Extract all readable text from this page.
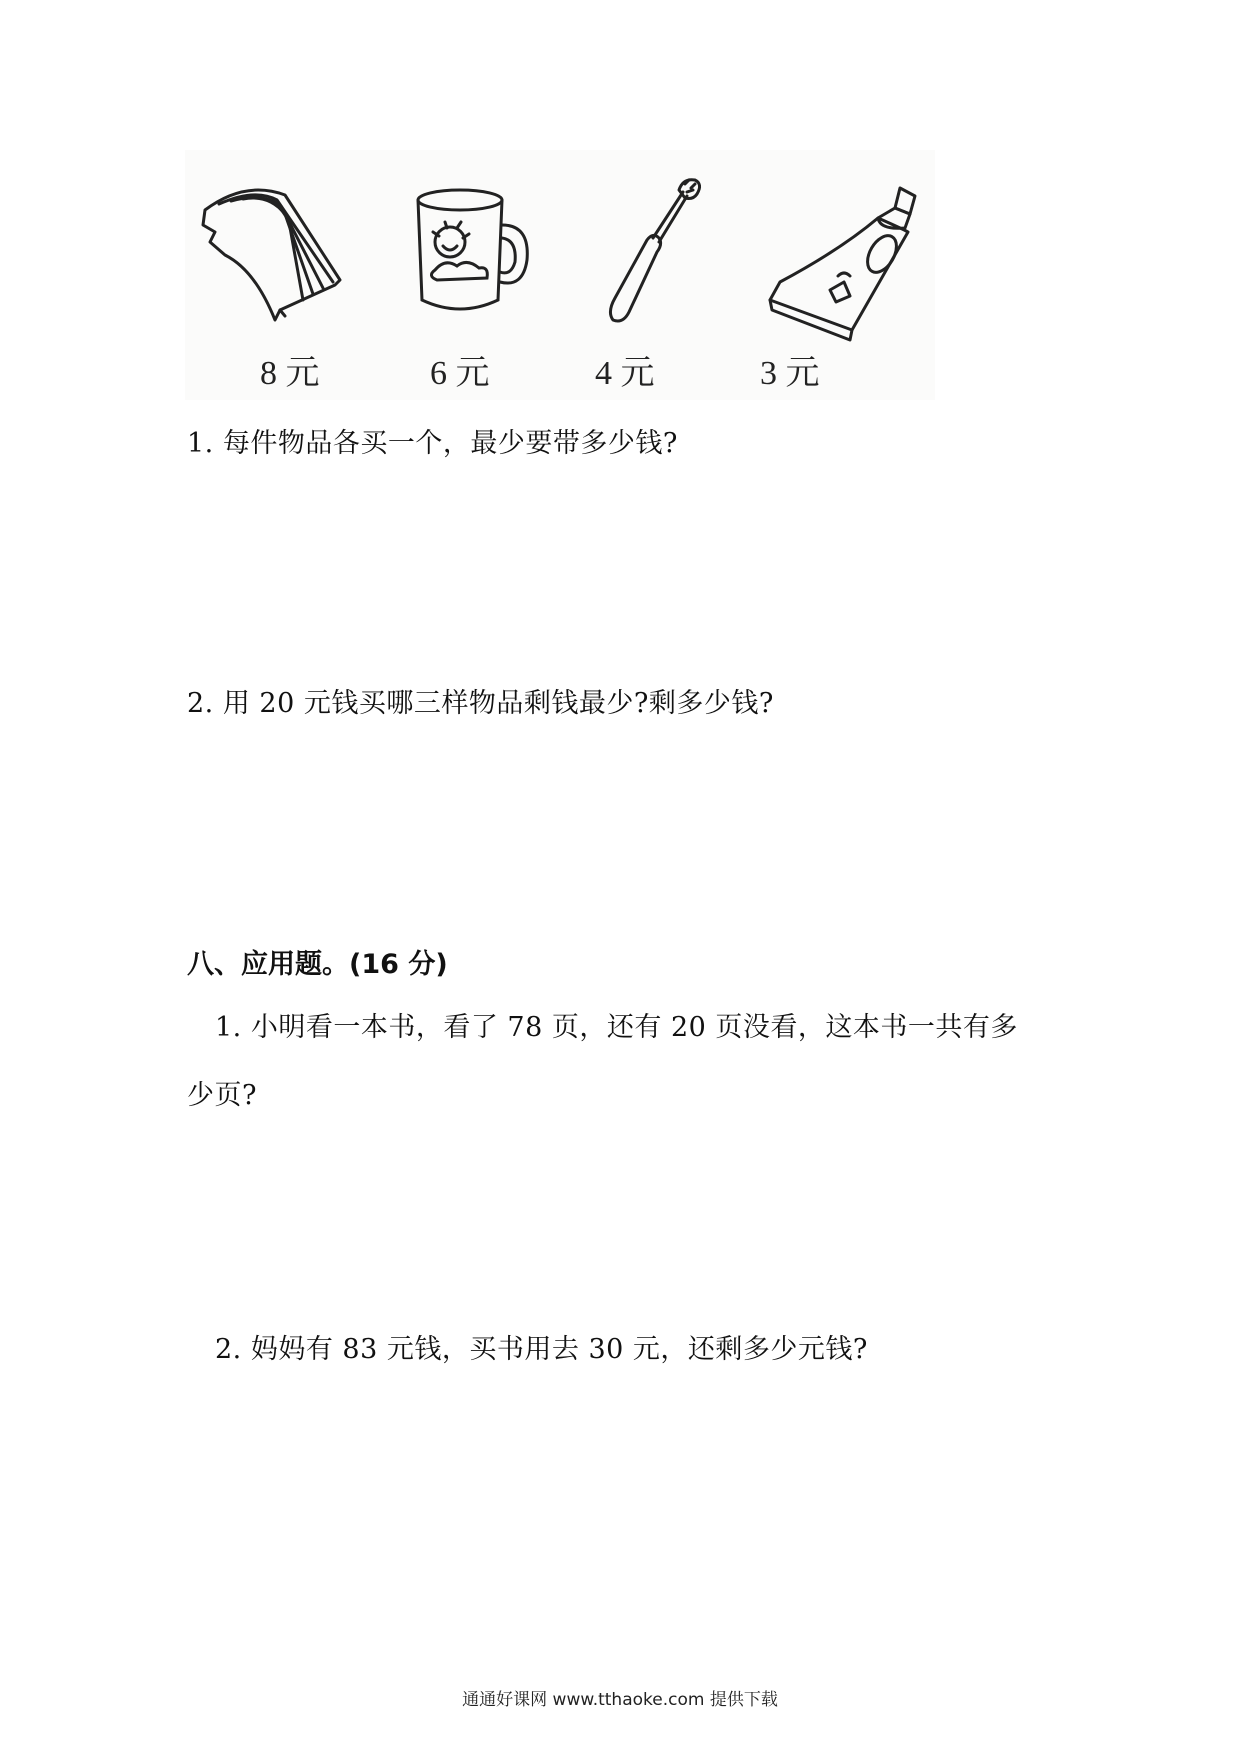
8 元	6 元	4 元	3 元
1. 每件物品各买一个，最少要带多少钱?
2. 用 20 元钱买哪三样物品剩钱最少?剩多少钱?
八、应用题。(16 分)
1. 小明看一本书，看了 78 页，还有 20 页没看，这本书一共有多
少页?
2. 妈妈有 83 元钱，买书用去 30 元，还剩多少元钱?
通通好课网 www.tthaoke.com 提供下载
